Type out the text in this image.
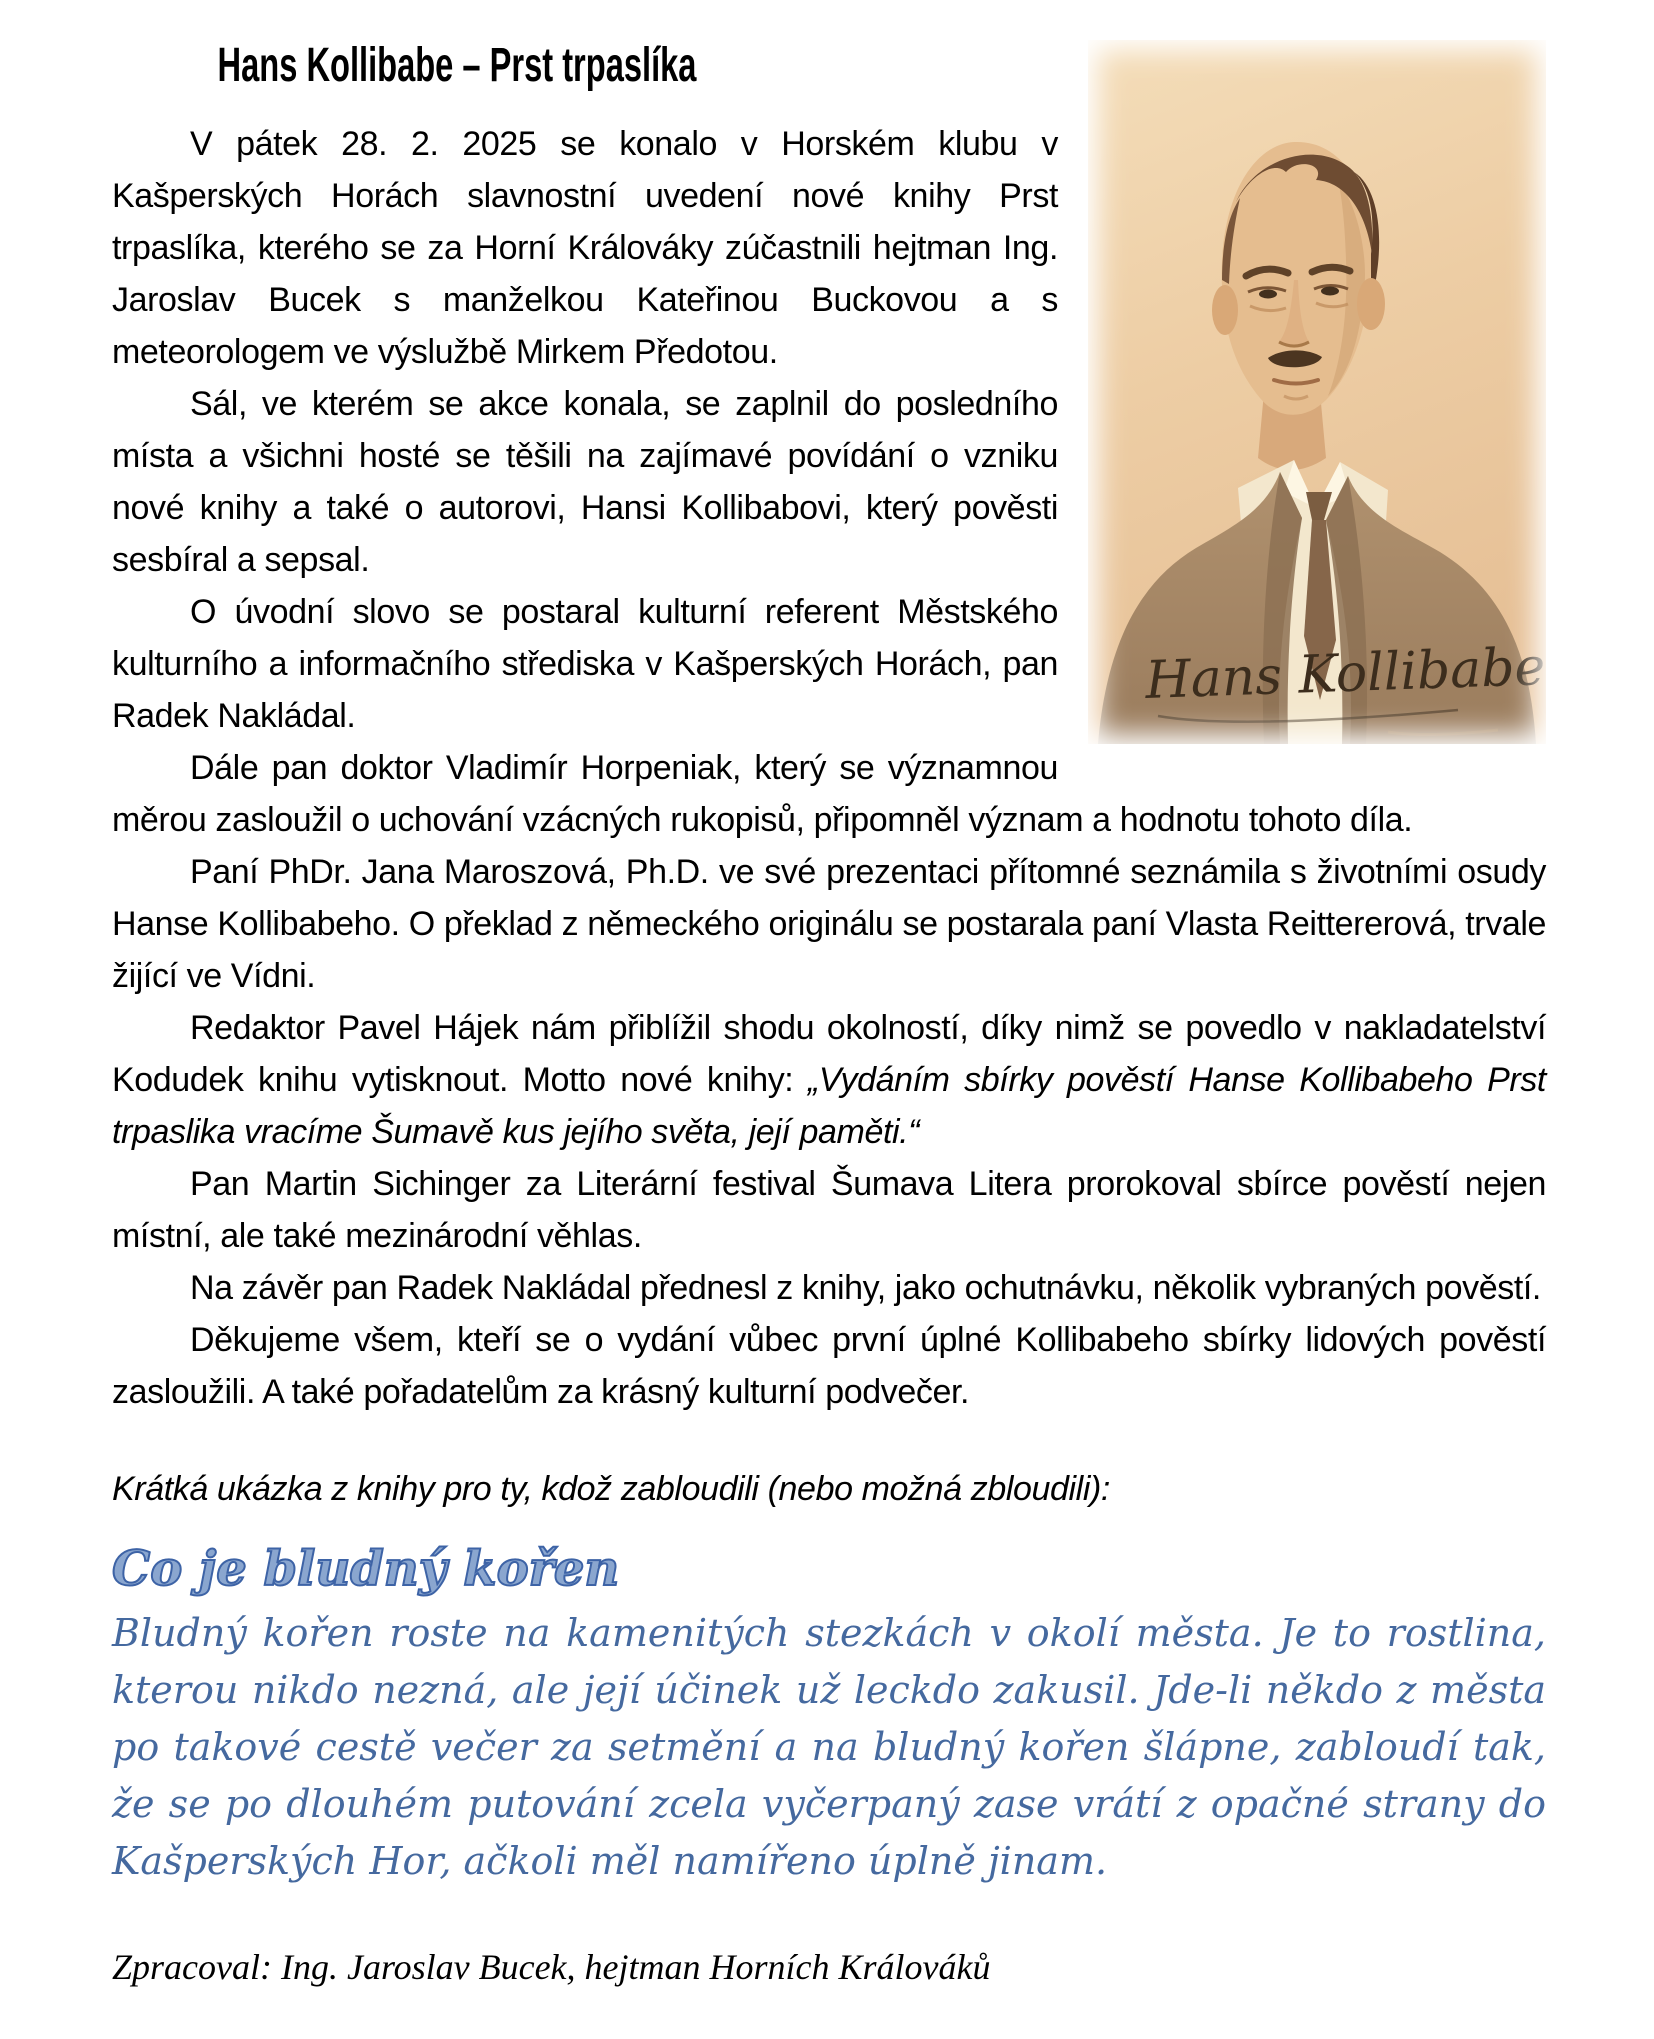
Hans Kollibabe
Hans Kollibabe – Prst trpaslíka

V pátek 28. 2. 2025 se konalo v Horském klubu v Kašperských Horách slavnostní uvedení nové knihy Prst trpaslíka, kterého se za Horní Králováky zúčastnili hejtman Ing. Jaroslav Bucek s manželkou Kateřinou Buckovou a s meteorologem ve výslužbě Mirkem Předotou.

Sál, ve kterém se akce konala, se zaplnil do posledního místa a všichni hosté se těšili na zajímavé povídání o vzniku nové knihy a také o autorovi, Hansi Kollibabovi, který pověsti sesbíral a sepsal.

O úvodní slovo se postaral kulturní referent Městského kulturního a informačního střediska v Kašperských Horách, pan Radek Nakládal.

Dále pan doktor Vladimír Horpeniak, který se významnou měrou zasloužil o uchování vzácných rukopisů, připomněl význam a hodnotu tohoto díla.

Paní PhDr. Jana Maroszová, Ph.D. ve své prezentaci přítomné seznámila s životními osudy Hanse Kollibabeho. O překlad z německého originálu se postarala paní Vlasta Reittererová, trvale žijící ve Vídni.

Redaktor Pavel Hájek nám přiblížil shodu okolností, díky nimž se povedlo v nakladatelství Kodudek knihu vytisknout. Motto nové knihy: „Vydáním sbírky pověstí Hanse Kollibabeho Prst trpaslika vracíme Šumavě kus jejího světa, její paměti.“

Pan Martin Sichinger za Literární festival Šumava Litera prorokoval sbírce pověstí nejen místní, ale také mezinárodní věhlas.

Na závěr pan Radek Nakládal přednesl z knihy, jako ochutnávku, několik vybraných pověstí.

Děkujeme všem, kteří se o vydání vůbec první úplné Kollibabeho sbírky lidových pověstí zasloužili. A také pořadatelům za krásný kulturní podvečer.

Krátká ukázka z knihy pro ty, kdož zabloudili (nebo možná zbloudili):

Co je bludný kořen

Bludný kořen roste na kamenitých stezkách v okolí města. Je to rostlina, kterou nikdo nezná, ale její účinek už leckdo zakusil. Jde-li někdo z města po takové cestě večer za setmění a na bludný kořen šlápne, zabloudí tak, že se po dlouhém putování zcela vyčerpaný zase vrátí z opačné strany do Kašperských Hor, ačkoli měl namířeno úplně jinam.

Zpracoval: Ing. Jaroslav Bucek, hejtman Horních Králováků
